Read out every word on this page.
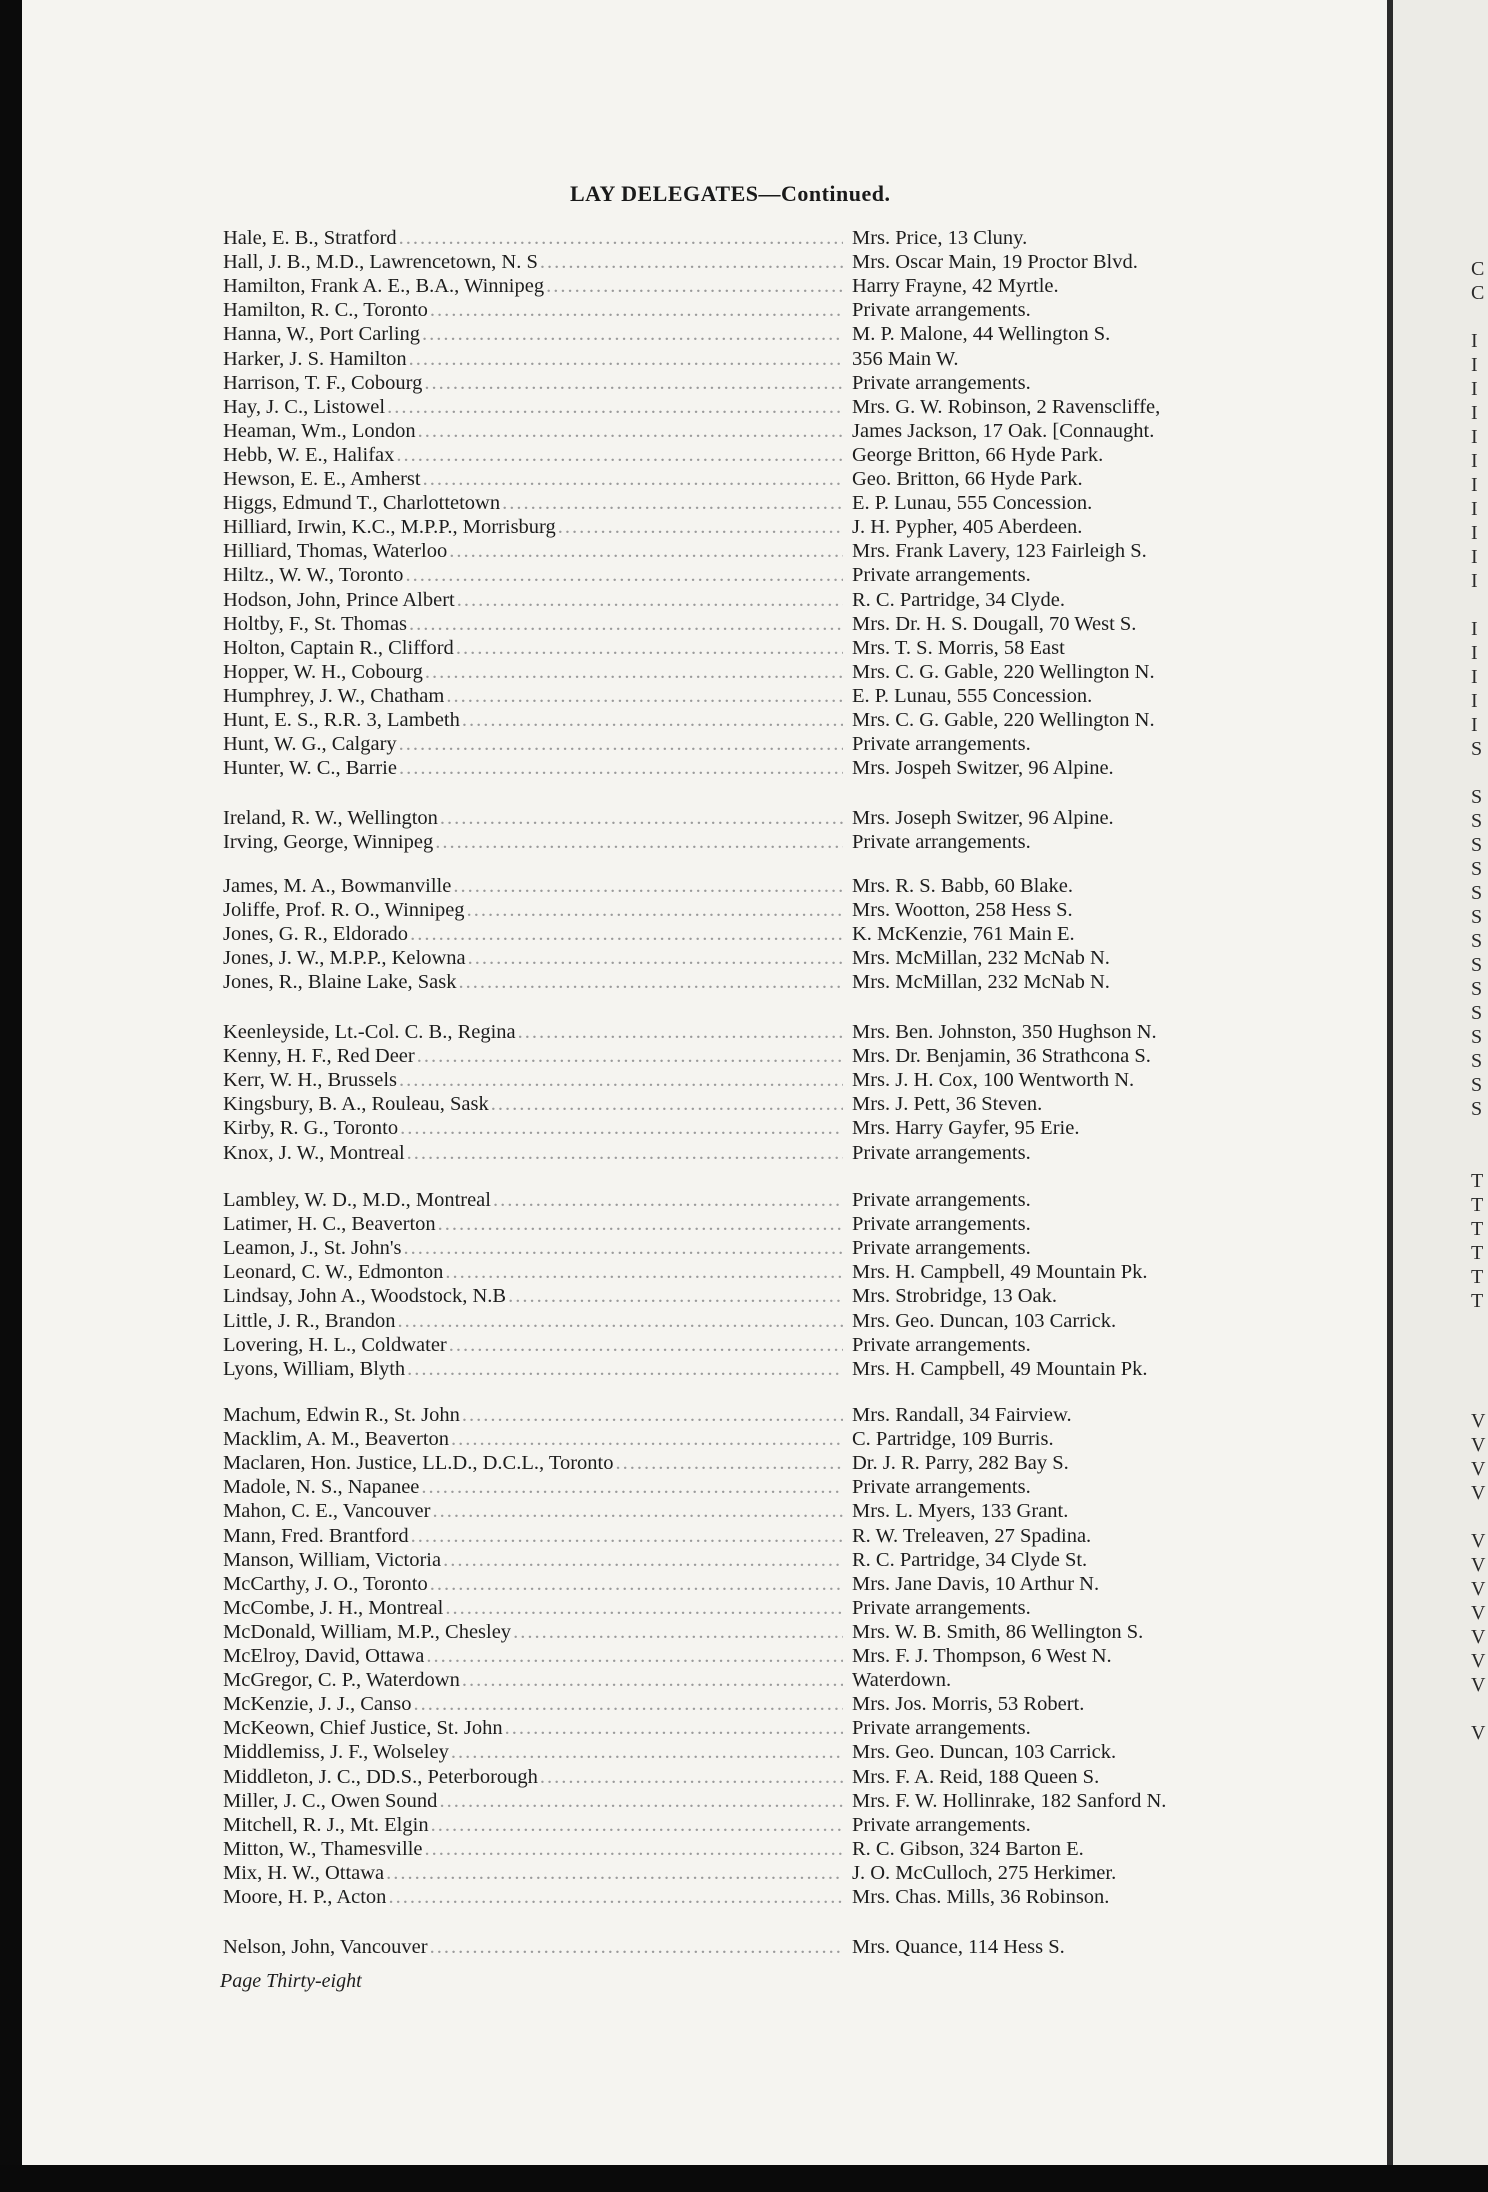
C
C
I
I
I
I
I
I
I
I
I
I
I
I
I
I
I
I
S
S
S
S
S
S
S
S
S
S
S
S
S
S
S
T
T
T
T
T
T
V
V
V
V
V
V
V
V
V
V
V
V
LAY DELEGATES—Continued.
Hale, E. B., Stratford .....	Mrs. Price, 13 Cluny.
Hall, J. B., M.D., Lawrencetown, N. S .....	Mrs. Oscar Main, 19 Proctor Blvd.
Hamilton, Frank A. E., B.A., Winnipeg .....	Harry Frayne, 42 Myrtle.
Hamilton, R. C., Toronto .....	Private arrangements.
Hanna, W., Port Carling .....	M. P. Malone, 44 Wellington S.
Harker, J. S. Hamilton .....	356 Main W.
Harrison, T. F., Cobourg .....	Private arrangements.
Hay, J. C., Listowel .....	Mrs. G. W. Robinson, 2 Ravenscliffe,
Heaman, Wm., London .....	James Jackson, 17 Oak. [Connaught.
Hebb, W. E., Halifax .....	George Britton, 66 Hyde Park.
Hewson, E. E., Amherst .....	Geo. Britton, 66 Hyde Park.
Higgs, Edmund T., Charlottetown .....	E. P. Lunau, 555 Concession.
Hilliard, Irwin, K.C., M.P.P., Morrisburg .....	J. H. Pypher, 405 Aberdeen.
Hilliard, Thomas, Waterloo .....	Mrs. Frank Lavery, 123 Fairleigh S.
Hiltz., W. W., Toronto .....	Private arrangements.
Hodson, John, Prince Albert .....	R. C. Partridge, 34 Clyde.
Holtby, F., St. Thomas .....	Mrs. Dr. H. S. Dougall, 70 West S.
Holton, Captain R., Clifford .....	Mrs. T. S. Morris, 58 East
Hopper, W. H., Cobourg .....	Mrs. C. G. Gable, 220 Wellington N.
Humphrey, J. W., Chatham .....	E. P. Lunau, 555 Concession.
Hunt, E. S., R.R. 3, Lambeth .....	Mrs. C. G. Gable, 220 Wellington N.
Hunt, W. G., Calgary .....	Private arrangements.
Hunter, W. C., Barrie .....	Mrs. Jospeh Switzer, 96 Alpine.
Ireland, R. W., Wellington .....	Mrs. Joseph Switzer, 96 Alpine.
Irving, George, Winnipeg .....	Private arrangements.
James, M. A., Bowmanville .....	Mrs. R. S. Babb, 60 Blake.
Joliffe, Prof. R. O., Winnipeg .....	Mrs. Wootton, 258 Hess S.
Jones, G. R., Eldorado .....	K. McKenzie, 761 Main E.
Jones, J. W., M.P.P., Kelowna .....	Mrs. McMillan, 232 McNab N.
Jones, R., Blaine Lake, Sask .....	Mrs. McMillan, 232 McNab N.
Keenleyside, Lt.-Col. C. B., Regina .....	Mrs. Ben. Johnston, 350 Hughson N.
Kenny, H. F., Red Deer .....	Mrs. Dr. Benjamin, 36 Strathcona S.
Kerr, W. H., Brussels .....	Mrs. J. H. Cox, 100 Wentworth N.
Kingsbury, B. A., Rouleau, Sask .....	Mrs. J. Pett, 36 Steven.
Kirby, R. G., Toronto .....	Mrs. Harry Gayfer, 95 Erie.
Knox, J. W., Montreal .....	Private arrangements.
Lambley, W. D., M.D., Montreal .....	Private arrangements.
Latimer, H. C., Beaverton .....	Private arrangements.
Leamon, J., St. John's .....	Private arrangements.
Leonard, C. W., Edmonton .....	Mrs. H. Campbell, 49 Mountain Pk.
Lindsay, John A., Woodstock, N.B .....	Mrs. Strobridge, 13 Oak.
Little, J. R., Brandon .....	Mrs. Geo. Duncan, 103 Carrick.
Lovering, H. L., Coldwater .....	Private arrangements.
Lyons, William, Blyth .....	Mrs. H. Campbell, 49 Mountain Pk.
Machum, Edwin R., St. John .....	Mrs. Randall, 34 Fairview.
Macklim, A. M., Beaverton .....	C. Partridge, 109 Burris.
Maclaren, Hon. Justice, LL.D., D.C.L., Toronto .....	Dr. J. R. Parry, 282 Bay S.
Madole, N. S., Napanee .....	Private arrangements.
Mahon, C. E., Vancouver .....	Mrs. L. Myers, 133 Grant.
Mann, Fred. Brantford .....	R. W. Treleaven, 27 Spadina.
Manson, William, Victoria .....	R. C. Partridge, 34 Clyde St.
McCarthy, J. O., Toronto .....	Mrs. Jane Davis, 10 Arthur N.
McCombe, J. H., Montreal .....	Private arrangements.
McDonald, William, M.P., Chesley .....	Mrs. W. B. Smith, 86 Wellington S.
McElroy, David, Ottawa .....	Mrs. F. J. Thompson, 6 West N.
McGregor, C. P., Waterdown .....	Waterdown.
McKenzie, J. J., Canso .....	Mrs. Jos. Morris, 53 Robert.
McKeown, Chief Justice, St. John .....	Private arrangements.
Middlemiss, J. F., Wolseley .....	Mrs. Geo. Duncan, 103 Carrick.
Middleton, J. C., DD.S., Peterborough .....	Mrs. F. A. Reid, 188 Queen S.
Miller, J. C., Owen Sound .....	Mrs. F. W. Hollinrake, 182 Sanford N.
Mitchell, R. J., Mt. Elgin .....	Private arrangements.
Mitton, W., Thamesville .....	R. C. Gibson, 324 Barton E.
Mix, H. W., Ottawa .....	J. O. McCulloch, 275 Herkimer.
Moore, H. P., Acton .....	Mrs. Chas. Mills, 36 Robinson.
Nelson, John, Vancouver .....	Mrs. Quance, 114 Hess S.
Page Thirty-eight
